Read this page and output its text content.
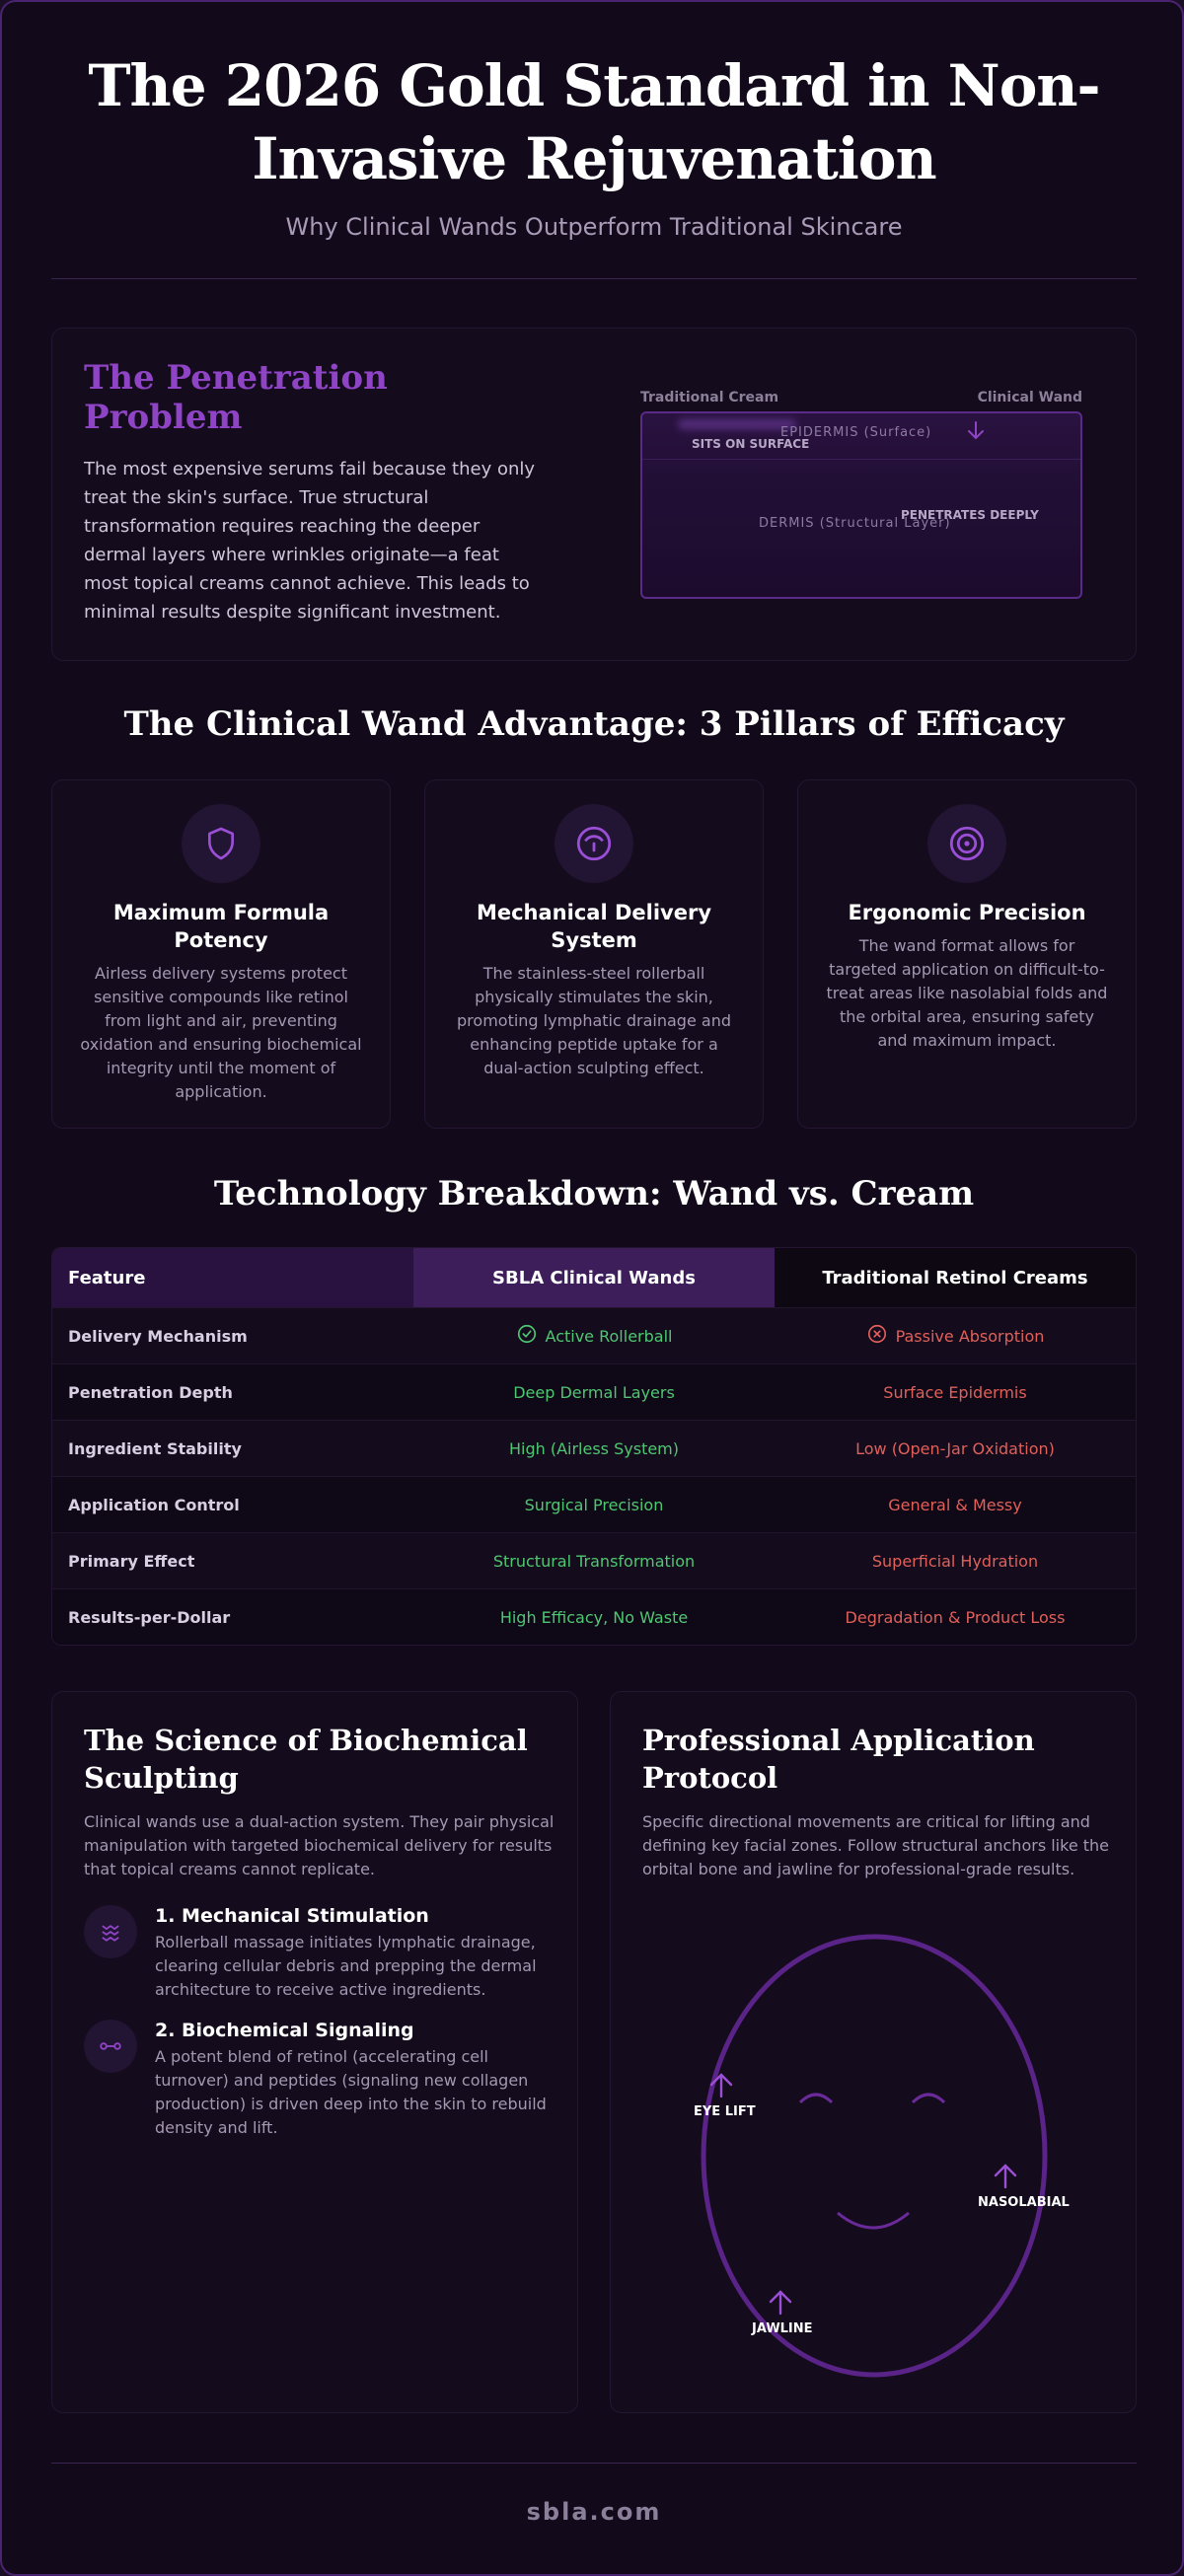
The 2026 Gold Standard in Non-Invasive Rejuvenation
Why Clinical Wands Outperform Traditional Skincare
The Penetration Problem

The most expensive serums fail because they only treat the skin's surface. True structural transformation requires reaching the deeper dermal layers where wrinkles originate—a feat most topical creams cannot achieve. This leads to minimal results despite significant investment.

Traditional Cream	Clinical Wand
SITS ON SURFACE
EPIDERMIS (Surface)
PENETRATES DEEPLY
DERMIS (Structural Layer)
The Clinical Wand Advantage: 3 Pillars of Efficacy
Maximum Formula Potency

Airless delivery systems protect sensitive compounds like retinol from light and air, preventing oxidation and ensuring biochemical integrity until the moment of application.

Mechanical Delivery System

The stainless-steel rollerball physically stimulates the skin, promoting lymphatic drainage and enhancing peptide uptake for a dual-action sculpting effect.

Ergonomic Precision

The wand format allows for targeted application on difficult-to-treat areas like nasolabial folds and the orbital area, ensuring safety and maximum impact.

Technology Breakdown: Wand vs. Cream
Feature	SBLA Clinical Wands	Traditional Retinol Creams
Delivery Mechanism	Active Rollerball	Passive Absorption
Penetration Depth	Deep Dermal Layers	Surface Epidermis
Ingredient Stability	High (Airless System)	Low (Open-Jar Oxidation)
Application Control	Surgical Precision	General & Messy
Primary Effect	Structural Transformation	Superficial Hydration
Results-per-Dollar	High Efficacy, No Waste	Degradation & Product Loss
The Science of Biochemical Sculpting
Clinical wands use a dual-action system. They pair physical manipulation with targeted biochemical delivery for results that topical creams cannot replicate.
1. Mechanical Stimulation

Rollerball massage initiates lymphatic drainage, clearing cellular debris and prepping the dermal architecture to receive active ingredients.

2. Biochemical Signaling

A potent blend of retinol (accelerating cell turnover) and peptides (signaling new collagen production) is driven deep into the skin to rebuild density and lift.

Professional Application Protocol
Specific directional movements are critical for lifting and defining key facial zones. Follow structural anchors like the orbital bone and jawline for professional-grade results.
EYE LIFT
NASOLABIAL
JAWLINE
sbla.com
